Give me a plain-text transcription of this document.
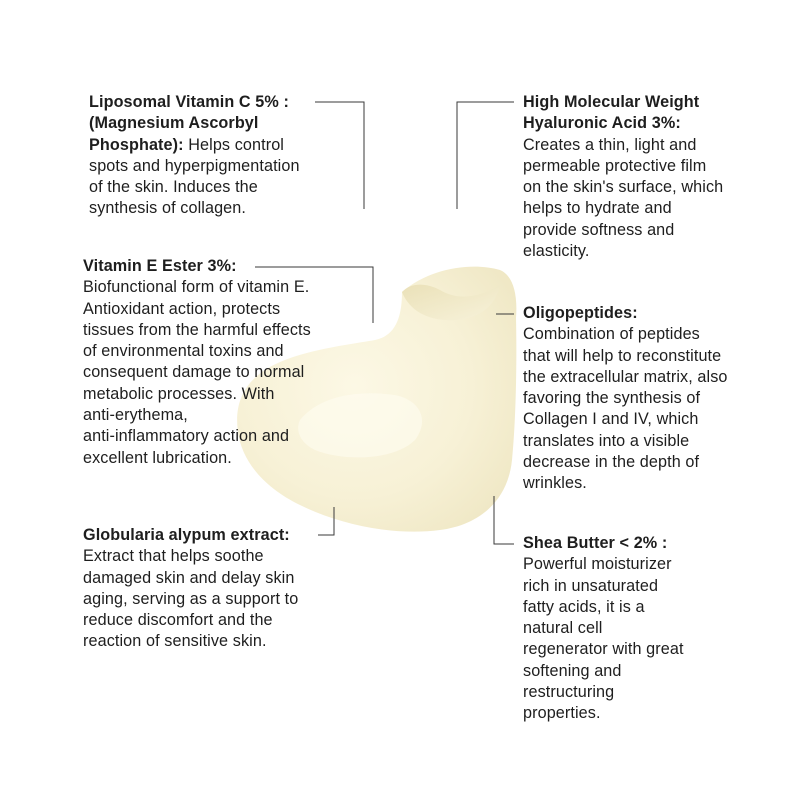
Liposomal Vitamin C 5% :
(Magnesium Ascorbyl
Phosphate): Helps control
spots and hyperpigmentation
of the skin. Induces the
synthesis of collagen.
High Molecular Weight
Hyaluronic Acid 3%:
Creates a thin, light and
permeable protective film
on the skin's surface, which
helps to hydrate and
provide softness and
elasticity.
Vitamin E Ester 3%:
Biofunctional form of vitamin E.
Antioxidant action, protects
tissues from the harmful effects
of environmental toxins and
consequent damage to normal
metabolic processes. With
anti-erythema,
anti-inflammatory action and
excellent lubrication.
Oligopeptides:
Combination of peptides
that will help to reconstitute
the extracellular matrix, also
favoring the synthesis of
Collagen I and IV, which
translates into a visible
decrease in the depth of
wrinkles.
Globularia alypum extract:
Extract that helps soothe
damaged skin and delay skin
aging, serving as a support to
reduce discomfort and the
reaction of sensitive skin.
Shea Butter < 2% :
Powerful moisturizer
rich in unsaturated
fatty acids, it is a
natural cell
regenerator with great
softening and
restructuring
properties.
